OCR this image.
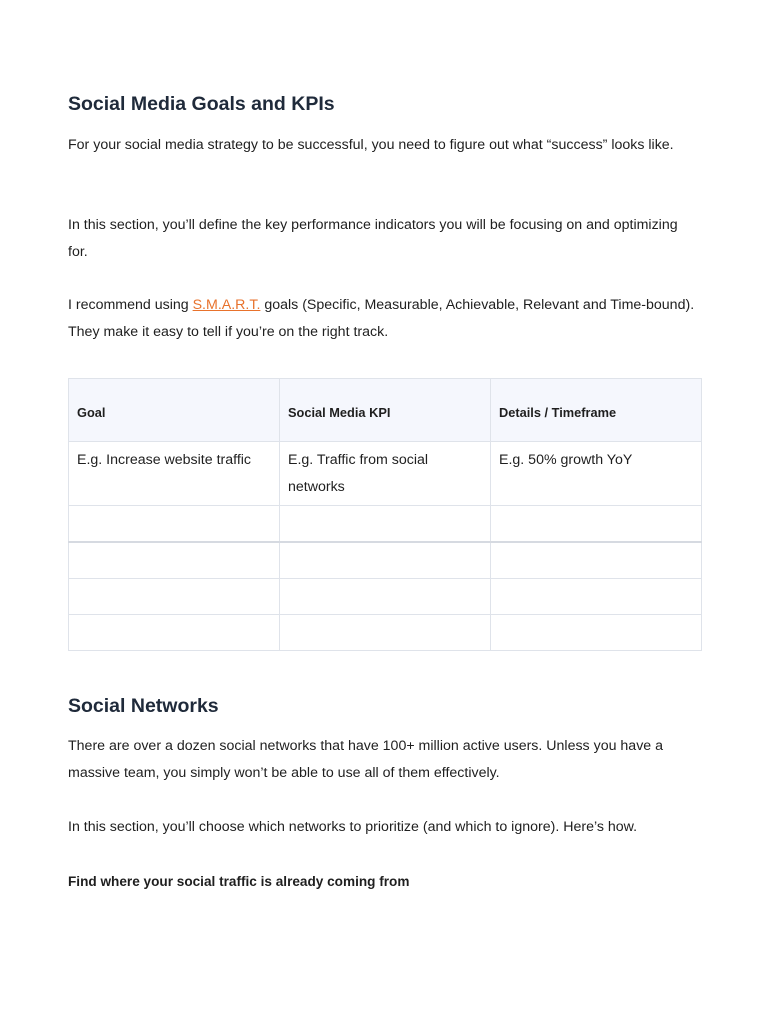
Social Media Goals and KPIs

For your social media strategy to be successful, you need to figure out what “success” looks like.

In this section, you’ll define the key performance indicators you will be focusing on and optimizing for.

I recommend using S.M.A.R.T. goals (Specific, Measurable, Achievable, Relevant and Time-bound). They make it easy to tell if you’re on the right track.

Goal	Social Media KPI	Details / Timeframe
E.g. Increase website traffic	E.g. Traffic from social networks	E.g. 50% growth YoY

Social Networks

There are over a dozen social networks that have 100+ million active users. Unless you have a massive team, you simply won’t be able to use all of them effectively.

In this section, you’ll choose which networks to prioritize (and which to ignore). Here’s how.

Find where your social traffic is already coming from
